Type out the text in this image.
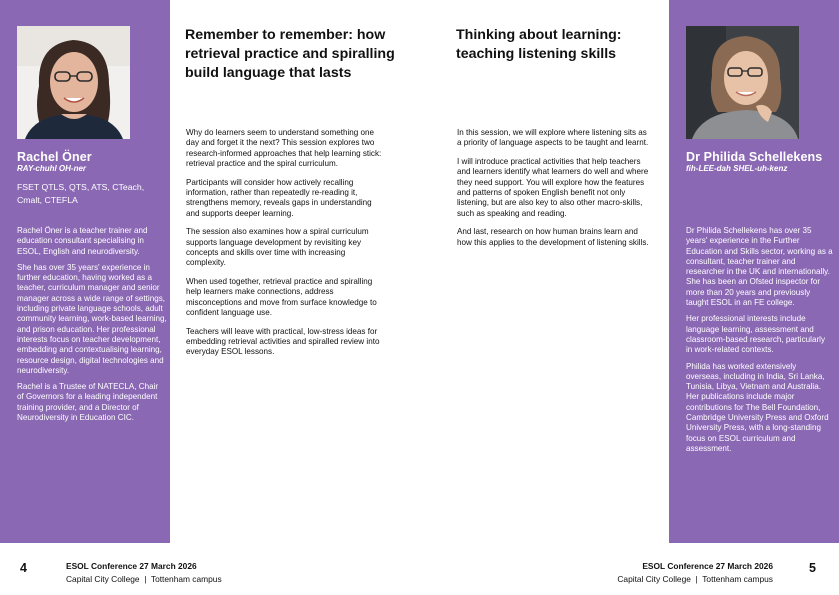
Rachel Öner
RAY-chuhl OH-ner
FSET QTLS, QTS, ATS, CTeach, Cmalt, CTEFLA

Rachel Öner is a teacher trainer and education consultant specialising in ESOL, English and neurodiversity.

She has over 35 years' experience in further education, having worked as a teacher, curriculum manager and senior manager across a wide range of settings, including private language schools, adult community learning, work-based learning, and prison education. Her professional interests focus on teacher development, embedding and contextualising learning, resource design, digital technologies and neurodiversity.

Rachel is a Trustee of NATECLA, Chair of Governors for a leading independent training provider, and a Director of Neurodiversity in Education CIC.

Remember to remember: how retrieval practice and spiralling build language that lasts

Why do learners seem to understand something one day and forget it the next? This session explores two research-informed approaches that help learning stick: retrieval practice and the spiral curriculum.

Participants will consider how actively recalling information, rather than repeatedly re-reading it, strengthens memory, reveals gaps in understanding and supports deeper learning.

The session also examines how a spiral curriculum supports language development by revisiting key concepts and skills over time with increasing complexity.

When used together, retrieval practice and spiralling help learners make connections, address misconceptions and move from surface knowledge to confident language use.

Teachers will leave with practical, low-stress ideas for embedding retrieval activities and spiralled review into everyday ESOL lessons.

Thinking about learning: teaching listening skills

In this session, we will explore where listening sits as a priority of language aspects to be taught and learnt.

I will introduce practical activities that help teachers and learners identify what learners do well and where they need support. You will explore how the features and patterns of spoken English benefit not only listening, but are also key to also other macro-skills, such as speaking and reading.

And last, research on how human brains learn and how this applies to the development of listening skills.

Dr Philida Schellekens
fih-LEE-dah SHEL-uh-kenz

Dr Philida Schellekens has over 35 years' experience in the Further Education and Skills sector, working as a consultant, teacher trainer and researcher in the UK and internationally. She has been an Ofsted inspector for more than 20 years and previously taught ESOL in an FE college.

Her professional interests include language learning, assessment and classroom-based research, particularly in work-related contexts.

Philida has worked extensively overseas, including in India, Sri Lanka, Tunisia, Libya, Vietnam and Australia. Her publications include major contributions for The Bell Foundation, Cambridge University Press and Oxford University Press, with a long-standing focus on ESOL curriculum and assessment.

4	ESOL Conference 27 March 2026
Capital City College  |  Tottenham campus
ESOL Conference 27 March 2026
Capital City College  |  Tottenham campus
5
